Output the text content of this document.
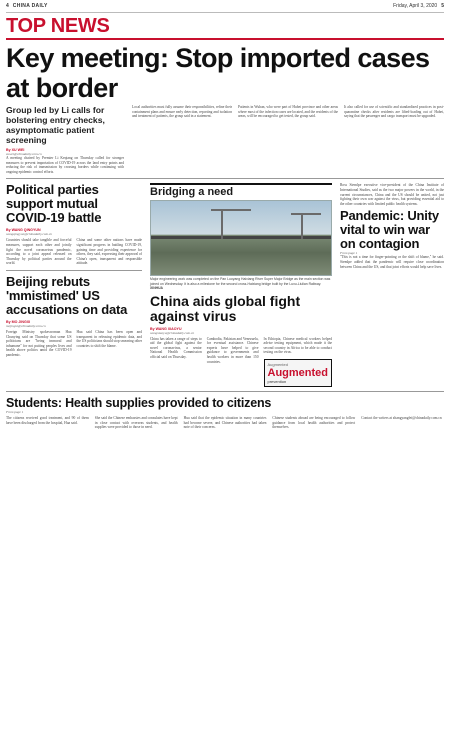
4 CHINA DAILY	Friday, April 3, 2020 5
TOP NEWS
Key meeting: Stop imported cases at border
Group led by Li calls for bolstering entry checks, asymptomatic patient screening
By XU WEI
xuwei@chinadaily.com.cn
A meeting chaired by Premier Li Keqiang on Thursday called for stronger measures to prevent importation of COVID-19 across the land entry points and reducing the risk of transmission by crossing borders while continuing with ongoing epidemic control efforts.
Local authorities must fully assume their responsibilities, refine their containment plans and ensure early detection, reporting and isolation and treatment of patients, the group said in a statement.
Patients in Wuhan, who were part of Hubei province and other areas where most of the infection cases are located, and the residents of the areas, will be encouraged to get tested, the group said.
It also called for use of scientific and standardized practices in post-quarantine checks after residents are lifted-loading out of Hubei, saying that the passenger and cargo transport must be upgraded.
Political parties support mutual COVID-19 battle
By WANG QINGYUN
wangqingyun@chinadaily.com.cn
Countries should take tangible and forceful measures, support each other and jointly fight the novel coronavirus pandemic, according to a joint appeal released on Thursday by political parties around the world.
China and some other nations have made significant progress in battling COVID-19, gaining time and providing experience for others, they said, expressing their approval of China's open, transparent and responsible attitude.
Beijing rebuts 'mmistimed' US accusations on data
By MO JINGXI
mojingxi@chinadaily.com.cn
Foreign Ministry spokeswoman Hua Chunying said on Thursday that some US politicians are "being immoral and inhumane" for not putting peoples lives and health above politics amid the COVID-19 pandemic.
Hua said China has been open and transparent in releasing epidemic data, and the US politicians should stop smearing other countries to shift the blame.
Bridging a need
Major engineering work was completed on the Pan Luoyang Haixiang River Super Major Bridge as the main section was joined on Wednesday. It is also a milestone for the second cross-Haixiang bridge built by the Luxu-Liulian Railway. XINHUA
China aids global fight against virus
By WANG XIAOYU
wangxiaoyu@chinadaily.com.cn
China has taken a range of steps to aid the global fight against the novel coronavirus, a senior National Health Commission official said on Thursday.
Cambodia, Pakistan and Venezuela, for eventual assistance. Chinese experts have helped to give guidance to governments and health workers in more than 150 countries.
In Ethiopia, Chinese medical workers helped advise testing equipment, which made it the second country in Africa to be able to conduct testing on the virus.
Augmented
Augmented
prevention
Ross Siemlpe executive vice-president of the China Institute of International Studies, said as the two major powers in the world, in the current circumstances, China and the US should be united, not just fighting their own war against the virus, but providing essential aid to the other countries with limited public health systems.
Pandemic: Unity vital to win war on contagion
From page 1
"This is not a time for finger-pointing or the shift of blame," he said. Siemlpe added that the pandemic will require close coordination between China and the US, and that joint efforts would help save lives.
Students: Health supplies provided to citizens
From page 1
The citizens received good treatment, and 90 of them have been discharged from the hospital, Hua said.
She said the Chinese embassies and consulates have kept in close contact with overseas students, and health supplies were provided to those in need.
Hua said that the epidemic situation in many countries had become severe, and Chinese authorities had taken note of their concerns.
Chinese students abroad are being encouraged to follow guidance from local health authorities and protect themselves.
Contact the writers at zhangyangfei@chinadaily.com.cn
